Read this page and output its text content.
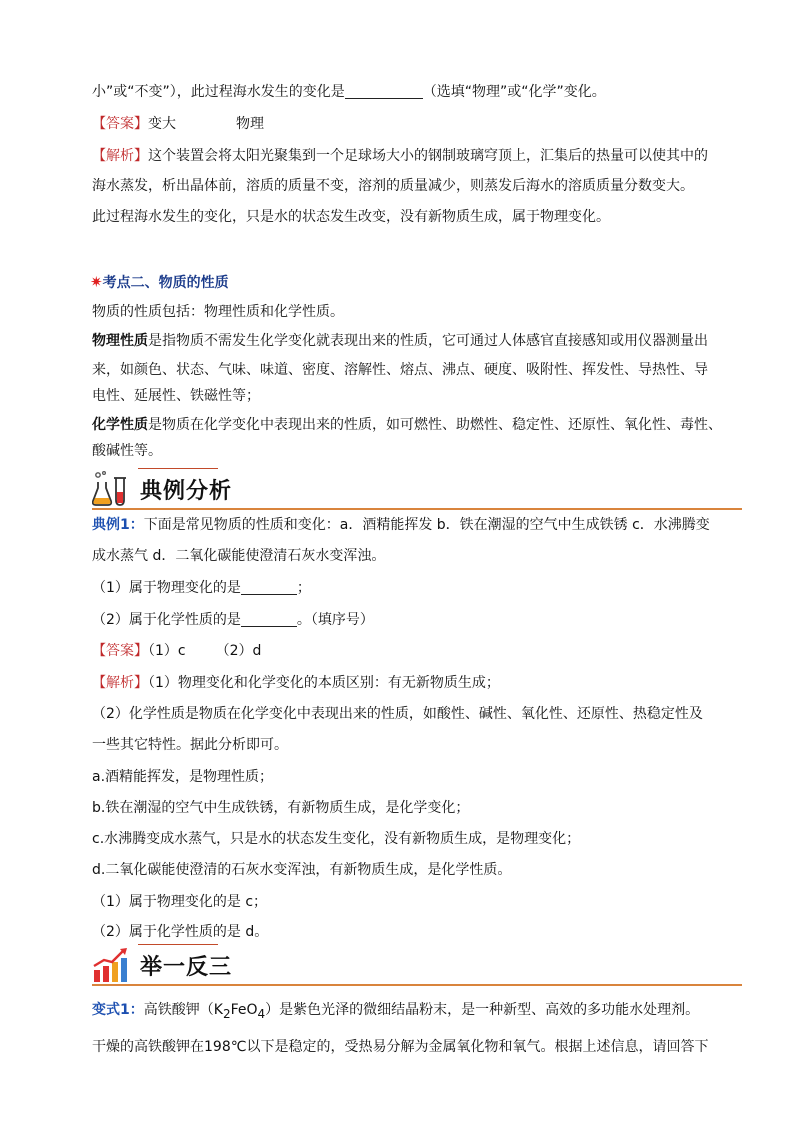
小”或“不变”），此过程海水发生的变化是	（选填“物理”或“化学”变化。
【答案】变大	物理
【解析】这个装置会将太阳光聚集到一个足球场大小的钢制玻璃穹顶上，汇集后的热量可以使其中的
海水蒸发，析出晶体前，溶质的质量不变，溶剂的质量减少，则蒸发后海水的溶质质量分数变大。
此过程海水发生的变化，只是水的状态发生改变，没有新物质生成，属于物理变化。
✷考点二、物质的性质
物质的性质包括：物理性质和化学性质。
物理性质是指物质不需发生化学变化就表现出来的性质，它可通过人体感官直接感知或用仪器测量出
来，如颜色、状态、气味、味道、密度、溶解性、熔点、沸点、硬度、吸附性、挥发性、导热性、导
电性、延展性、铁磁性等；
化学性质是物质在化学变化中表现出来的性质，如可燃性、助燃性、稳定性、还原性、氧化性、毒性、
酸碱性等。
典例分析
典例1：下面是常见物质的性质和变化：a．酒精能挥发 b．铁在潮湿的空气中生成铁锈 c．水沸腾变
成水蒸气 d．二氧化碳能使澄清石灰水变浑浊。
（1）属于物理变化的是	；
（2）属于化学性质的是	。（填序号）
【答案】（1）c （2）d
【解析】（1）物理变化和化学变化的本质区别：有无新物质生成；
（2）化学性质是物质在化学变化中表现出来的性质，如酸性、碱性、氧化性、还原性、热稳定性及
一些其它特性。据此分析即可。
a.酒精能挥发，是物理性质；
b.铁在潮湿的空气中生成铁锈，有新物质生成，是化学变化；
c.水沸腾变成水蒸气，只是水的状态发生变化，没有新物质生成，是物理变化；
d.二氧化碳能使澄清的石灰水变浑浊，有新物质生成，是化学性质。
（1）属于物理变化的是 c；
（2）属于化学性质的是 d。
举一反三
变式1：高铁酸钾$(K_2FeO_4)$是紫色光泽的微细结晶粉末，是一种新型、高效的多功能水处理剂。
干燥的高铁酸钾在198℃以下是稳定的，受热易分解为金属氧化物和氧气。根据上述信息，请回答下
